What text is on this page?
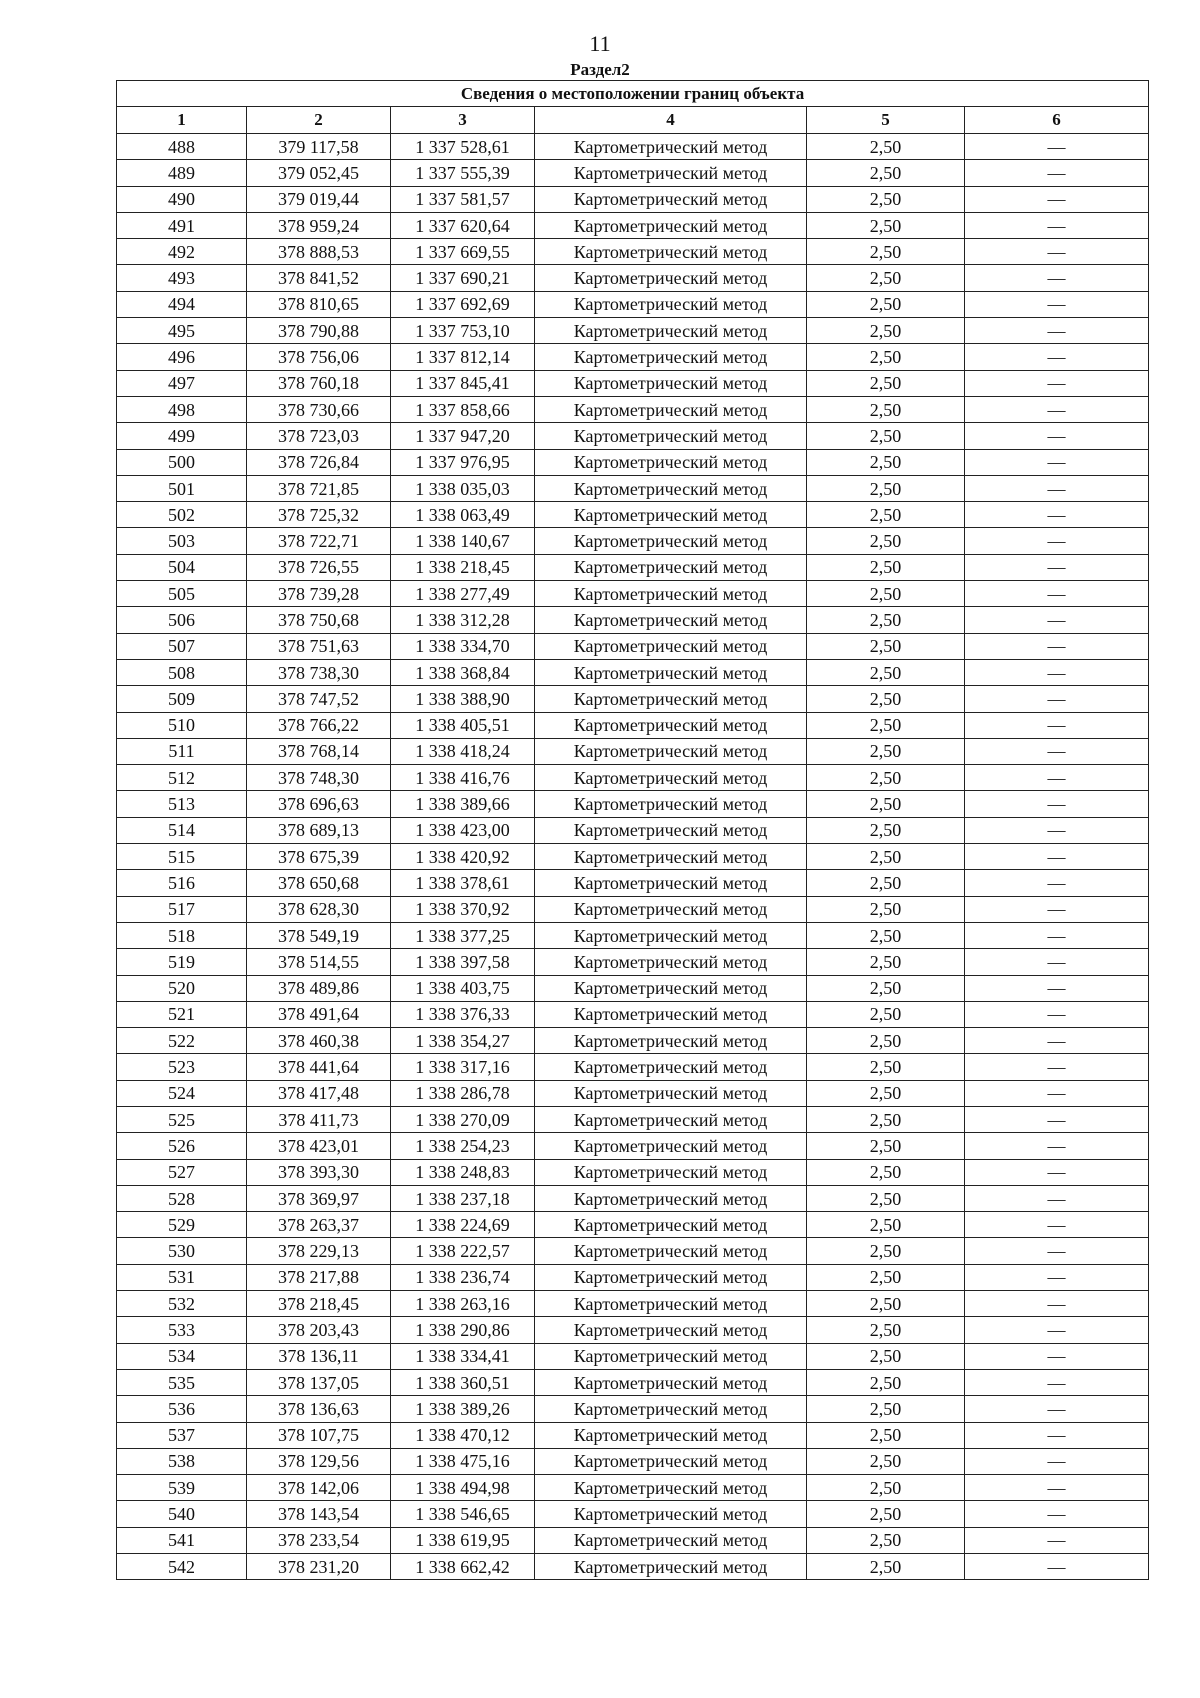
11
Раздел2
Сведения о местоположении границ объекта					
1	2	3	4	5	6
488	379 117,58	1 337 528,61	Картометрический метод	2,50	—
489	379 052,45	1 337 555,39	Картометрический метод	2,50	—
490	379 019,44	1 337 581,57	Картометрический метод	2,50	—
491	378 959,24	1 337 620,64	Картометрический метод	2,50	—
492	378 888,53	1 337 669,55	Картометрический метод	2,50	—
493	378 841,52	1 337 690,21	Картометрический метод	2,50	—
494	378 810,65	1 337 692,69	Картометрический метод	2,50	—
495	378 790,88	1 337 753,10	Картометрический метод	2,50	—
496	378 756,06	1 337 812,14	Картометрический метод	2,50	—
497	378 760,18	1 337 845,41	Картометрический метод	2,50	—
498	378 730,66	1 337 858,66	Картометрический метод	2,50	—
499	378 723,03	1 337 947,20	Картометрический метод	2,50	—
500	378 726,84	1 337 976,95	Картометрический метод	2,50	—
501	378 721,85	1 338 035,03	Картометрический метод	2,50	—
502	378 725,32	1 338 063,49	Картометрический метод	2,50	—
503	378 722,71	1 338 140,67	Картометрический метод	2,50	—
504	378 726,55	1 338 218,45	Картометрический метод	2,50	—
505	378 739,28	1 338 277,49	Картометрический метод	2,50	—
506	378 750,68	1 338 312,28	Картометрический метод	2,50	—
507	378 751,63	1 338 334,70	Картометрический метод	2,50	—
508	378 738,30	1 338 368,84	Картометрический метод	2,50	—
509	378 747,52	1 338 388,90	Картометрический метод	2,50	—
510	378 766,22	1 338 405,51	Картометрический метод	2,50	—
511	378 768,14	1 338 418,24	Картометрический метод	2,50	—
512	378 748,30	1 338 416,76	Картометрический метод	2,50	—
513	378 696,63	1 338 389,66	Картометрический метод	2,50	—
514	378 689,13	1 338 423,00	Картометрический метод	2,50	—
515	378 675,39	1 338 420,92	Картометрический метод	2,50	—
516	378 650,68	1 338 378,61	Картометрический метод	2,50	—
517	378 628,30	1 338 370,92	Картометрический метод	2,50	—
518	378 549,19	1 338 377,25	Картометрический метод	2,50	—
519	378 514,55	1 338 397,58	Картометрический метод	2,50	—
520	378 489,86	1 338 403,75	Картометрический метод	2,50	—
521	378 491,64	1 338 376,33	Картометрический метод	2,50	—
522	378 460,38	1 338 354,27	Картометрический метод	2,50	—
523	378 441,64	1 338 317,16	Картометрический метод	2,50	—
524	378 417,48	1 338 286,78	Картометрический метод	2,50	—
525	378 411,73	1 338 270,09	Картометрический метод	2,50	—
526	378 423,01	1 338 254,23	Картометрический метод	2,50	—
527	378 393,30	1 338 248,83	Картометрический метод	2,50	—
528	378 369,97	1 338 237,18	Картометрический метод	2,50	—
529	378 263,37	1 338 224,69	Картометрический метод	2,50	—
530	378 229,13	1 338 222,57	Картометрический метод	2,50	—
531	378 217,88	1 338 236,74	Картометрический метод	2,50	—
532	378 218,45	1 338 263,16	Картометрический метод	2,50	—
533	378 203,43	1 338 290,86	Картометрический метод	2,50	—
534	378 136,11	1 338 334,41	Картометрический метод	2,50	—
535	378 137,05	1 338 360,51	Картометрический метод	2,50	—
536	378 136,63	1 338 389,26	Картометрический метод	2,50	—
537	378 107,75	1 338 470,12	Картометрический метод	2,50	—
538	378 129,56	1 338 475,16	Картометрический метод	2,50	—
539	378 142,06	1 338 494,98	Картометрический метод	2,50	—
540	378 143,54	1 338 546,65	Картометрический метод	2,50	—
541	378 233,54	1 338 619,95	Картометрический метод	2,50	—
542	378 231,20	1 338 662,42	Картометрический метод	2,50	—
